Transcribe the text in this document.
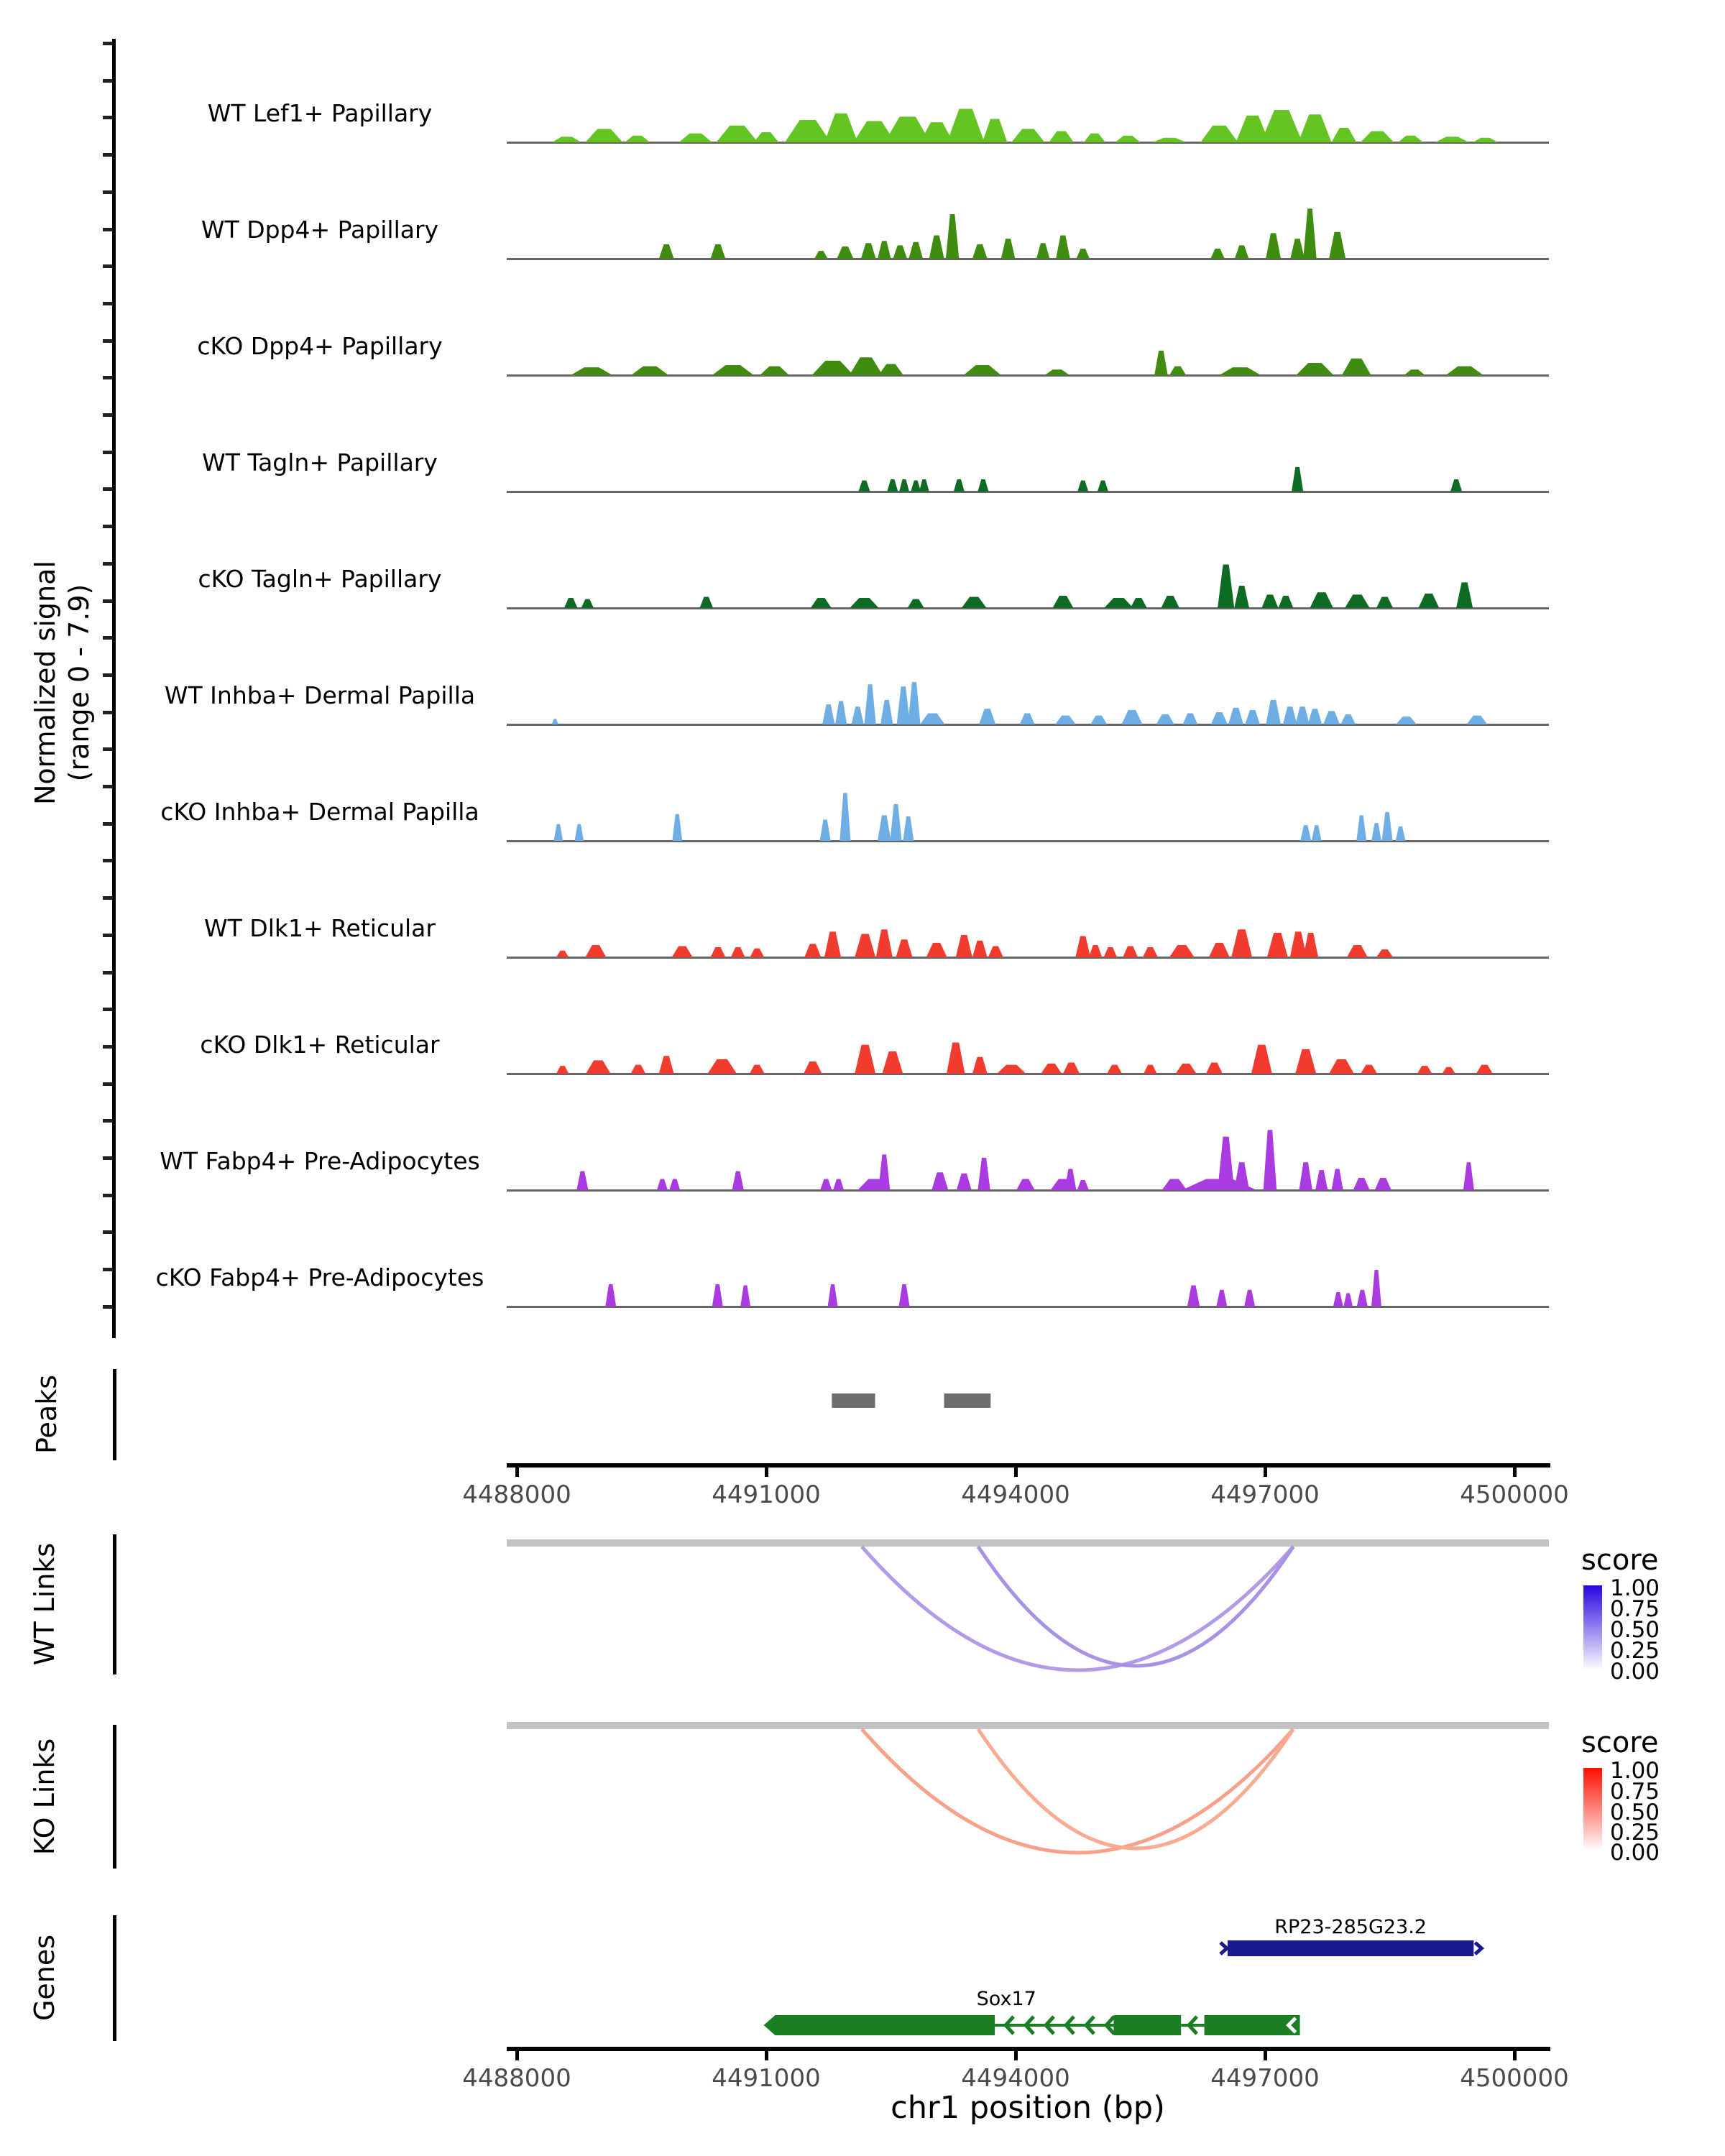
Normalized signal
(range 0 - 7.9)
Peaks
WT Links
KO Links
Genes
WT Lef1+ Papillary
WT Dpp4+ Papillary
cKO Dpp4+ Papillary
WT Tagln+ Papillary
cKO Tagln+ Papillary
WT Inhba+ Dermal Papilla
cKO Inhba+ Dermal Papilla
WT Dlk1+ Reticular
cKO Dlk1+ Reticular
WT Fabp4+ Pre-Adipocytes
cKO Fabp4+ Pre-Adipocytes
4488000	4491000	4494000	4497000	4500000
4488000	4491000	4494000	4497000	4500000
score
1.00
0.75
0.50
0.25
0.00
score
1.00
0.75
0.50
0.25
0.00
RP23-285G23.2
Sox17
chr1 position (bp)
